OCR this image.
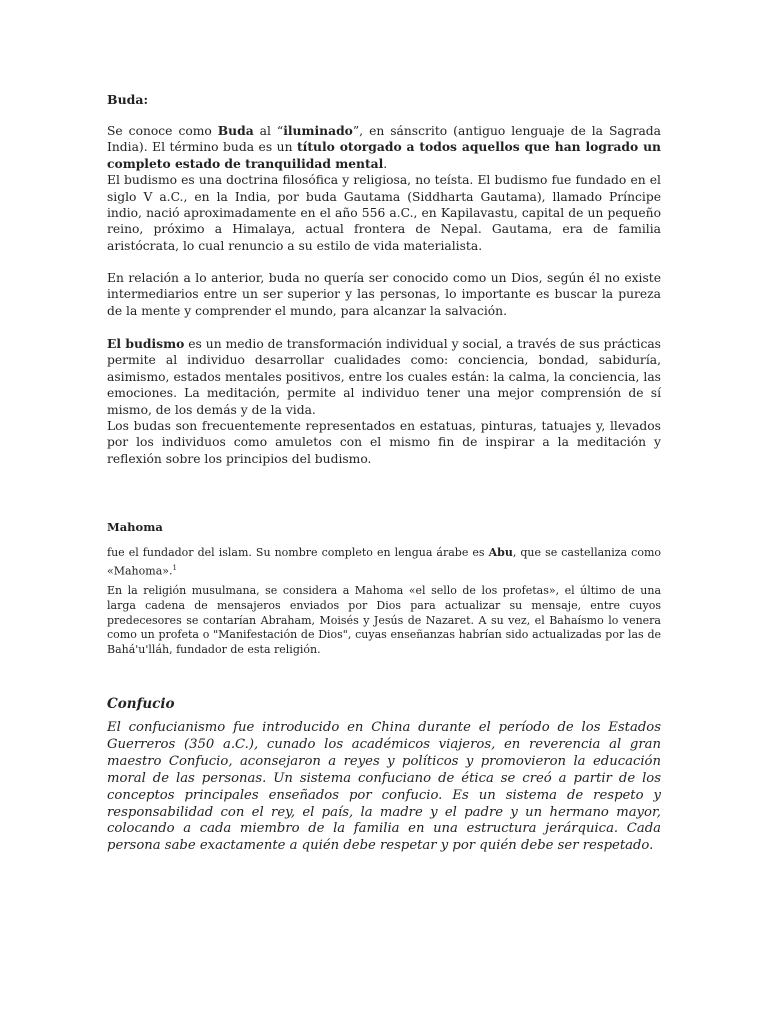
Buda:

Se conoce como Buda al “iluminado”, en sánscrito (antiguo lenguaje de la Sagrada India). El término buda es un título otorgado a todos aquellos que han logrado un completo estado de tranquilidad mental.

El budismo es una doctrina filosófica y religiosa, no teísta. El budismo fue fundado en el siglo V a.C., en la India, por buda Gautama (Siddharta Gautama), llamado Príncipe indio, nació aproximadamente en el año 556 a.C., en Kapilavastu, capital de un pequeño reino, próximo a Himalaya, actual frontera de Nepal. Gautama, era de familia aristócrata, lo cual renuncio a su estilo de vida materialista.

En relación a lo anterior, buda no quería ser conocido como un Dios, según él no existe intermediarios entre un ser superior y las personas, lo importante es buscar la pureza de la mente y comprender el mundo, para alcanzar la salvación.

El budismo es un medio de transformación individual y social, a través de sus prácticas permite al individuo desarrollar cualidades como: conciencia, bondad, sabiduría, asimismo, estados mentales positivos, entre los cuales están: la calma, la conciencia, las emociones. La meditación, permite al individuo tener una mejor comprensión de sí mismo, de los demás y de la vida.

Los budas son frecuentemente representados en estatuas, pinturas, tatuajes y, llevados por los individuos como amuletos con el mismo fin de inspirar a la meditación y reflexión sobre los principios del budismo.

Mahoma

fue el fundador del islam. Su nombre completo en lengua árabe es Abu, que se castellaniza como «Mahoma».$^1$

En la religión musulmana, se considera a Mahoma «el sello de los profetas», el último de una larga cadena de mensajeros enviados por Dios para actualizar su mensaje, entre cuyos predecesores se contarían Abraham, Moisés y Jesús de Nazaret. A su vez, el Bahaísmo lo venera como un profeta o "Manifestación de Dios", cuyas enseñanzas habrían sido actualizadas por las de Bahá'u'lláh, fundador de esta religión.

Confucio

El confucianismo fue introducido en China durante el período de los Estados Guerreros (350 a.C.), cunado los académicos viajeros, en reverencia al gran maestro Confucio, aconsejaron a reyes y políticos y promovieron la educación moral de las personas. Un sistema confuciano de ética se creó a partir de los conceptos principales enseñados por confucio. Es un sistema de respeto y responsabilidad con el rey, el país, la madre y el padre y un hermano mayor, colocando a cada miembro de la familia en una estructura jerárquica. Cada persona sabe exactamente a quién debe respetar y por quién debe ser respetado.
